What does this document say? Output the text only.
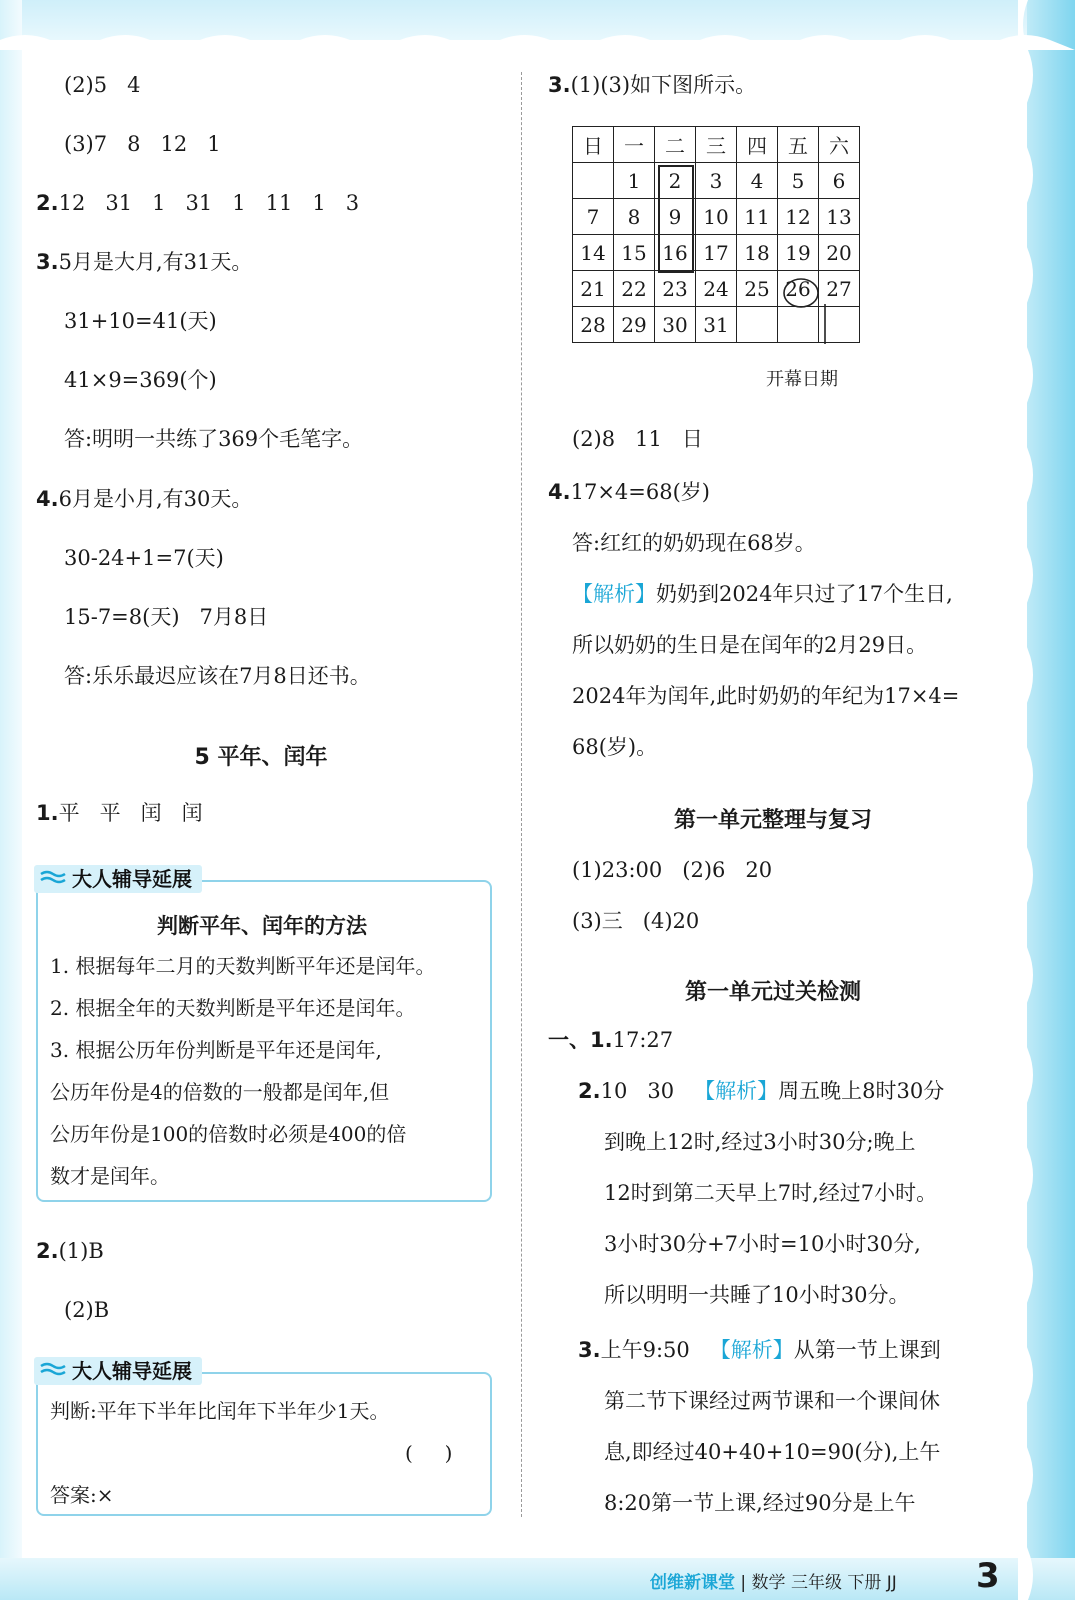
(2)5   4
(3)7   8   12   1
2.12   31   1   31   1   11   1   3
3.5月是大月,有31天。
31+10=41(天)
41×9=369(个)
答:明明一共练了369个毛笔字。
4.6月是小月,有30天。
30-24+1=7(天)
15-7=8(天)   7月8日
答:乐乐最迟应该在7月8日还书。
5 平年、闰年
1.平   平   闰   闰
大人辅导延展
判断平年、闰年的方法
1. 根据每年二月的天数判断平年还是闰年。
2. 根据全年的天数判断是平年还是闰年。
3. 根据公历年份判断是平年还是闰年,
公历年份是4的倍数的一般都是闰年,但
公历年份是100的倍数时必须是400的倍
数才是闰年。
2.(1)B
(2)B
大人辅导延展
判断:平年下半年比闰年下半年少1天。
(     )
答案:×
3.(1)(3)如下图所示。
日	一	二	三	四	五	六
	1	2	3	4	5	6
7	8	9	10	11	12	13
14	15	16	17	18	19	20
21	22	23	24	25	26	27
28	29	30	31			
开幕日期
(2)8   11   日
4.17×4=68(岁)
答:红红的奶奶现在68岁。
【解析】奶奶到2024年只过了17个生日,
所以奶奶的生日是在闰年的2月29日。
2024年为闰年,此时奶奶的年纪为17×4=
68(岁)。
第一单元整理与复习
(1)23:00   (2)6   20
(3)三   (4)20
第一单元过关检测
一、1.17:27
2.10   30 【解析】周五晚上8时30分
到晚上12时,经过3小时30分;晚上
12时到第二天早上7时,经过7小时。
3小时30分+7小时=10小时30分,
所以明明一共睡了10小时30分。
3.上午9:50 【解析】从第一节上课到
第二节下课经过两节课和一个课间休
息,即经过40+40+10=90(分),上午
8:20第一节上课,经过90分是上午
创维新课堂 | 数学 三年级 下册 JJ 3
